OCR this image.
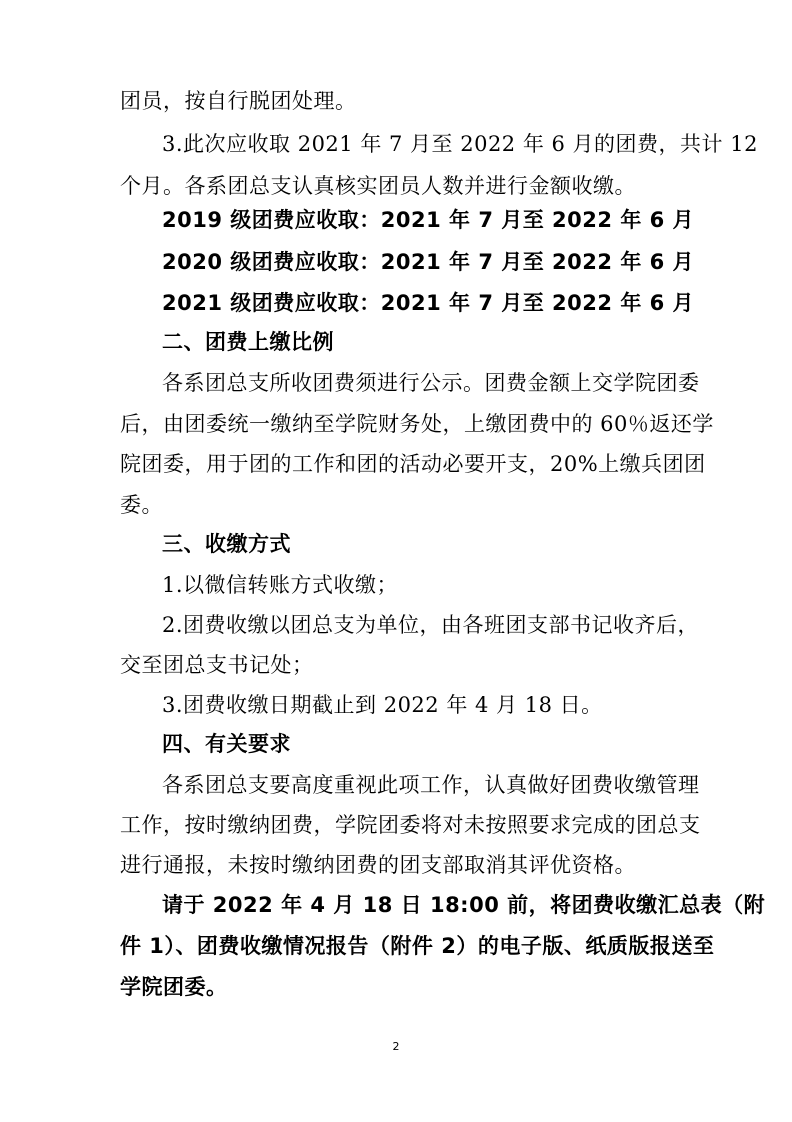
团员，按自行脱团处理。
3.此次应收取 2021 年 7 月至 2022 年 6 月的团费，共计 12
个月。各系团总支认真核实团员人数并进行金额收缴。
2019 级团费应收取：2021 年 7 月至 2022 年 6 月
2020 级团费应收取：2021 年 7 月至 2022 年 6 月
2021 级团费应收取：2021 年 7 月至 2022 年 6 月
二、团费上缴比例
各系团总支所收团费须进行公示。团费金额上交学院团委
后，由团委统一缴纳至学院财务处，上缴团费中的 60％返还学
院团委，用于团的工作和团的活动必要开支，20%上缴兵团团
委。
三、收缴方式
1.以微信转账方式收缴；
2.团费收缴以团总支为单位，由各班团支部书记收齐后，
交至团总支书记处；
3.团费收缴日期截止到 2022 年 4 月 18 日。
四、有关要求
各系团总支要高度重视此项工作，认真做好团费收缴管理
工作，按时缴纳团费，学院团委将对未按照要求完成的团总支
进行通报，未按时缴纳团费的团支部取消其评优资格。
请于 2022 年 4 月 18 日 18:00 前，将团费收缴汇总表（附
件 1）、团费收缴情况报告（附件 2）的电子版、纸质版报送至
学院团委。
2
